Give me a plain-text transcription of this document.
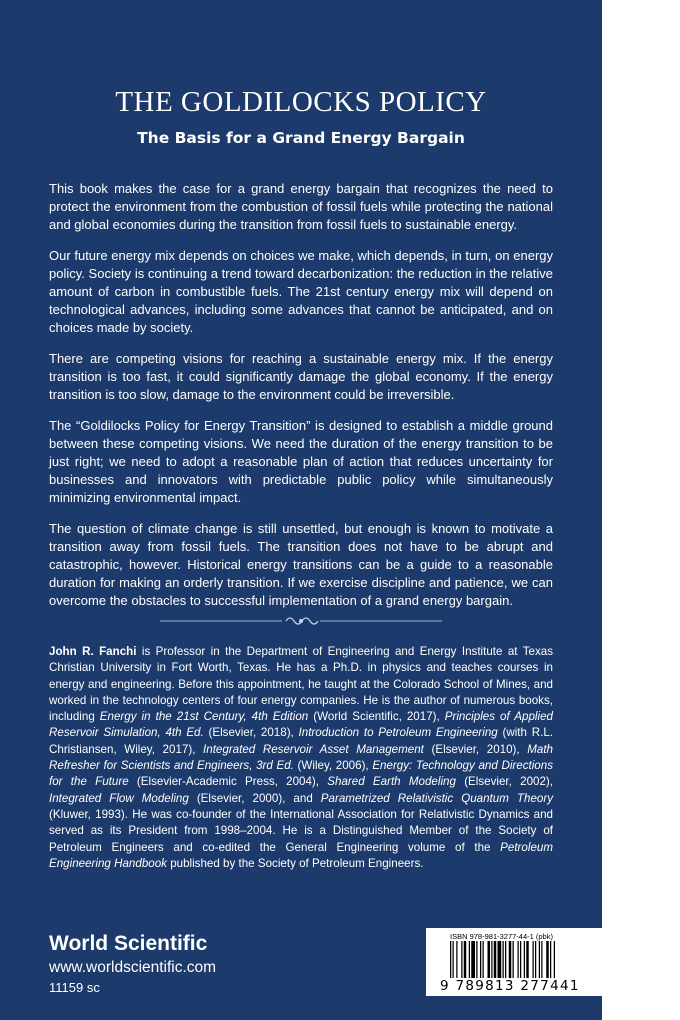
THE GOLDILOCKS POLICY
The Basis for a Grand Energy Bargain

This book makes the case for a grand energy bargain that recognizes the need to protect the environment from the combustion of fossil fuels while protecting the national and global economies during the transition from fossil fuels to sustainable energy.

Our future energy mix depends on choices we make, which depends, in turn, on energy policy. Society is continuing a trend toward decarbonization: the reduction in the relative amount of carbon in combustible fuels. The 21st century energy mix will depend on technological advances, including some advances that cannot be anticipated, and on choices made by society.

There are competing visions for reaching a sustainable energy mix. If the energy transition is too fast, it could significantly damage the global economy. If the energy transition is too slow, damage to the environment could be irreversible.

The “Goldilocks Policy for Energy Transition” is designed to establish a middle ground between these competing visions. We need the duration of the energy transition to be just right; we need to adopt a reasonable plan of action that reduces uncertainty for businesses and innovators with predictable public policy while simultaneously minimizing environmental impact.

The question of climate change is still unsettled, but enough is known to motivate a transition away from fossil fuels. The transition does not have to be abrupt and catastrophic, however. Historical energy transitions can be a guide to a reasonable duration for making an orderly transition. If we exercise discipline and patience, we can overcome the obstacles to successful implementation of a grand energy bargain.

John R. Fanchi is Professor in the Department of Engineering and Energy Institute at Texas Christian University in Fort Worth, Texas. He has a Ph.D. in physics and teaches courses in energy and engineering. Before this appointment, he taught at the Colorado School of Mines, and worked in the technology centers of four energy companies. He is the author of numerous books, including Energy in the 21st Century, 4th Edition (World Scientific, 2017), Principles of Applied Reservoir Simulation, 4th Ed. (Elsevier, 2018), Introduction to Petroleum Engineering (with R.L. Christiansen, Wiley, 2017), Integrated Reservoir Asset Management (Elsevier, 2010), Math Refresher for Scientists and Engineers, 3rd Ed. (Wiley, 2006), Energy: Technology and Directions for the Future (Elsevier-Academic Press, 2004), Shared Earth Modeling (Elsevier, 2002), Integrated Flow Modeling (Elsevier, 2000), and Parametrized Relativistic Quantum Theory (Kluwer, 1993). He was co-founder of the International Association for Relativistic Dynamics and served as its President from 1998–2004. He is a Distinguished Member of the Society of Petroleum Engineers and co-edited the General Engineering volume of the Petroleum Engineering Handbook published by the Society of Petroleum Engineers.
World Scientific
www.worldscientific.com
11159 sc
ISBN 978-981-3277-44-1 (pbk)
9 789813 277441
